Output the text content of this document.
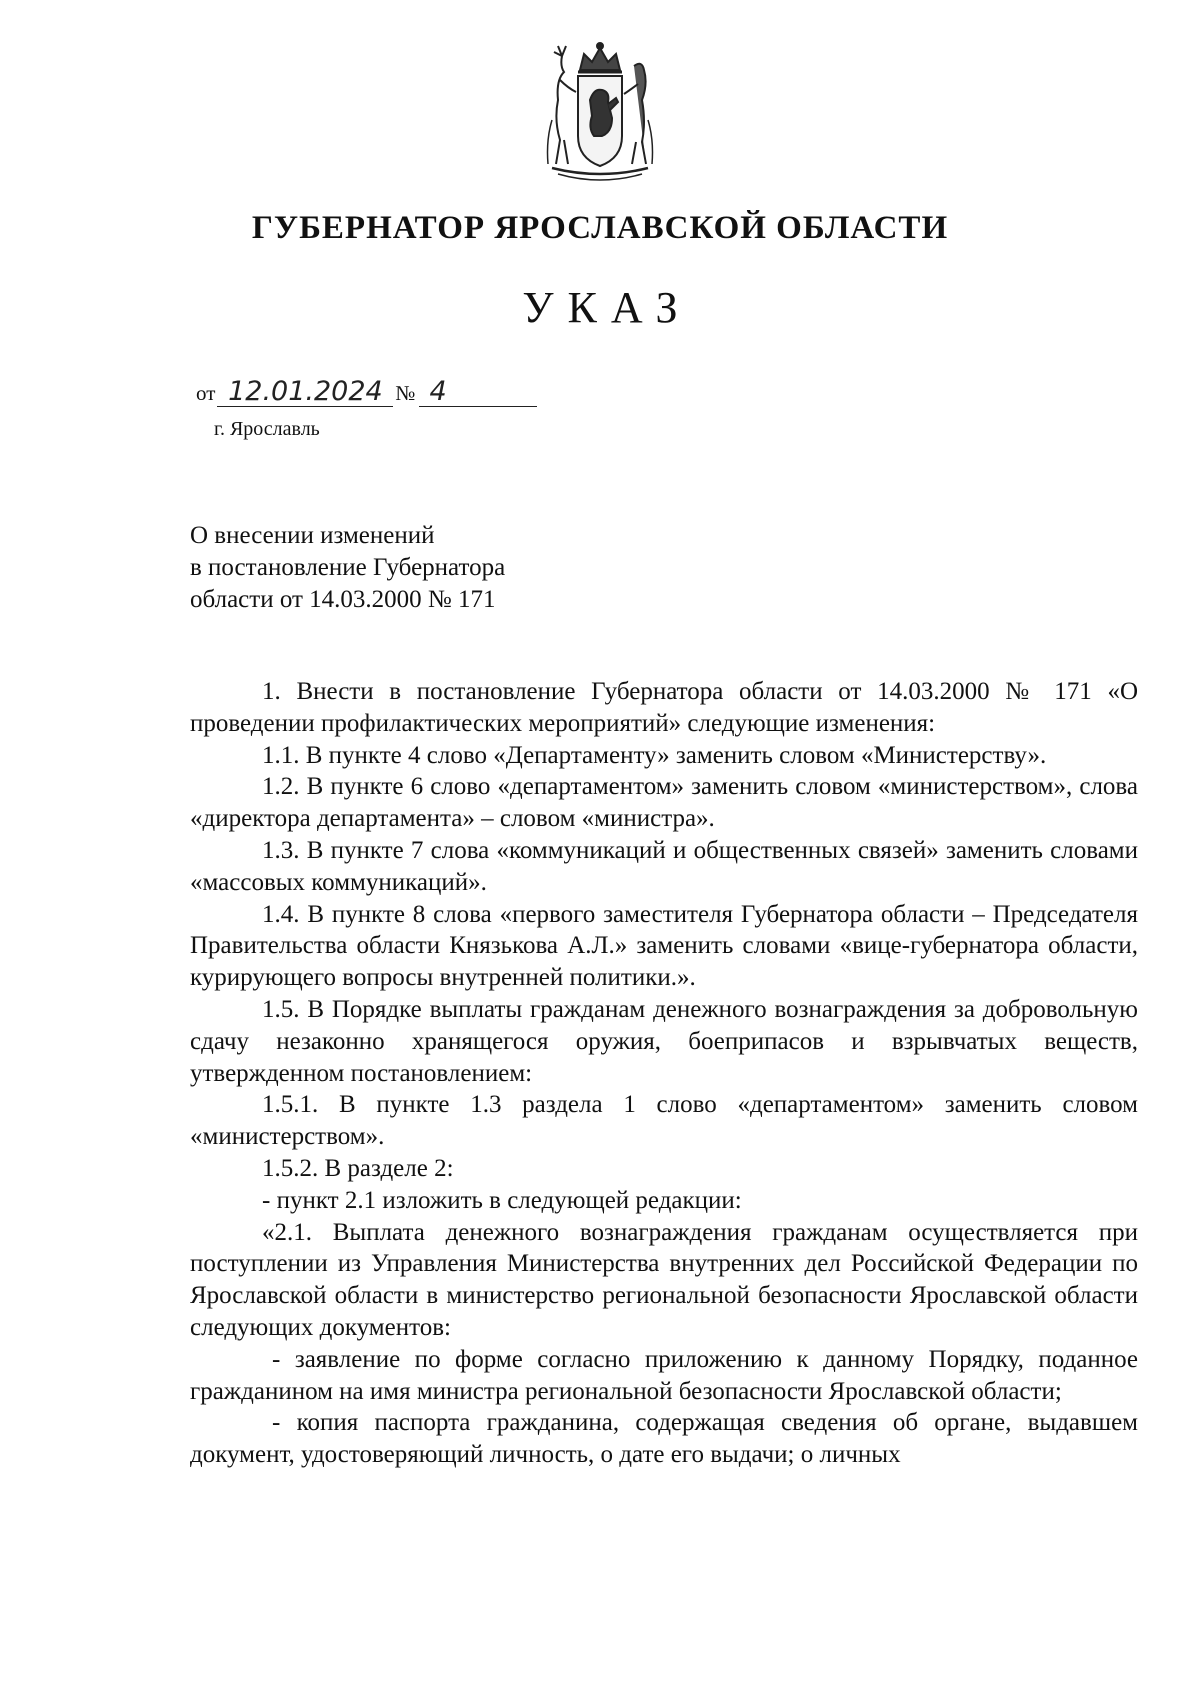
ГУБЕРНАТОР ЯРОСЛАВСКОЙ ОБЛАСТИ
УКАЗ
от 12.01.2024 № 4
г. Ярославль
О внесении изменений
в постановление Губернатора
области от 14.03.2000 № 171

1. Внести в постановление Губернатора области от 14.03.2000 № 171 «О проведении профилактических мероприятий» следующие изменения:

1.1. В пункте 4 слово «Департаменту» заменить словом «Министерству».

1.2. В пункте 6 слово «департаментом» заменить словом «министерством», слова «директора департамента» – словом «министра».

1.3. В пункте 7 слова «коммуникаций и общественных связей» заменить словами «массовых коммуникаций».

1.4. В пункте 8 слова «первого заместителя Губернатора области – Председателя Правительства области Князькова А.Л.» заменить словами «вице-губернатора области, курирующего вопросы внутренней политики.».

1.5. В Порядке выплаты гражданам денежного вознаграждения за добровольную сдачу незаконно хранящегося оружия, боеприпасов и взрывчатых веществ, утвержденном постановлением:

1.5.1. В пункте 1.3 раздела 1 слово «департаментом» заменить словом «министерством».

1.5.2. В разделе 2:

- пункт 2.1 изложить в следующей редакции:

«2.1. Выплата денежного вознаграждения гражданам осуществляется при поступлении из Управления Министерства внутренних дел Российской Федерации по Ярославской области в министерство региональной безопасности Ярославской области следующих документов:

- заявление по форме согласно приложению к данному Порядку, поданное гражданином на имя министра региональной безопасности Ярославской области;

- копия паспорта гражданина, содержащая сведения об органе, выдавшем документ, удостоверяющий личность, о дате его выдачи; о личных
